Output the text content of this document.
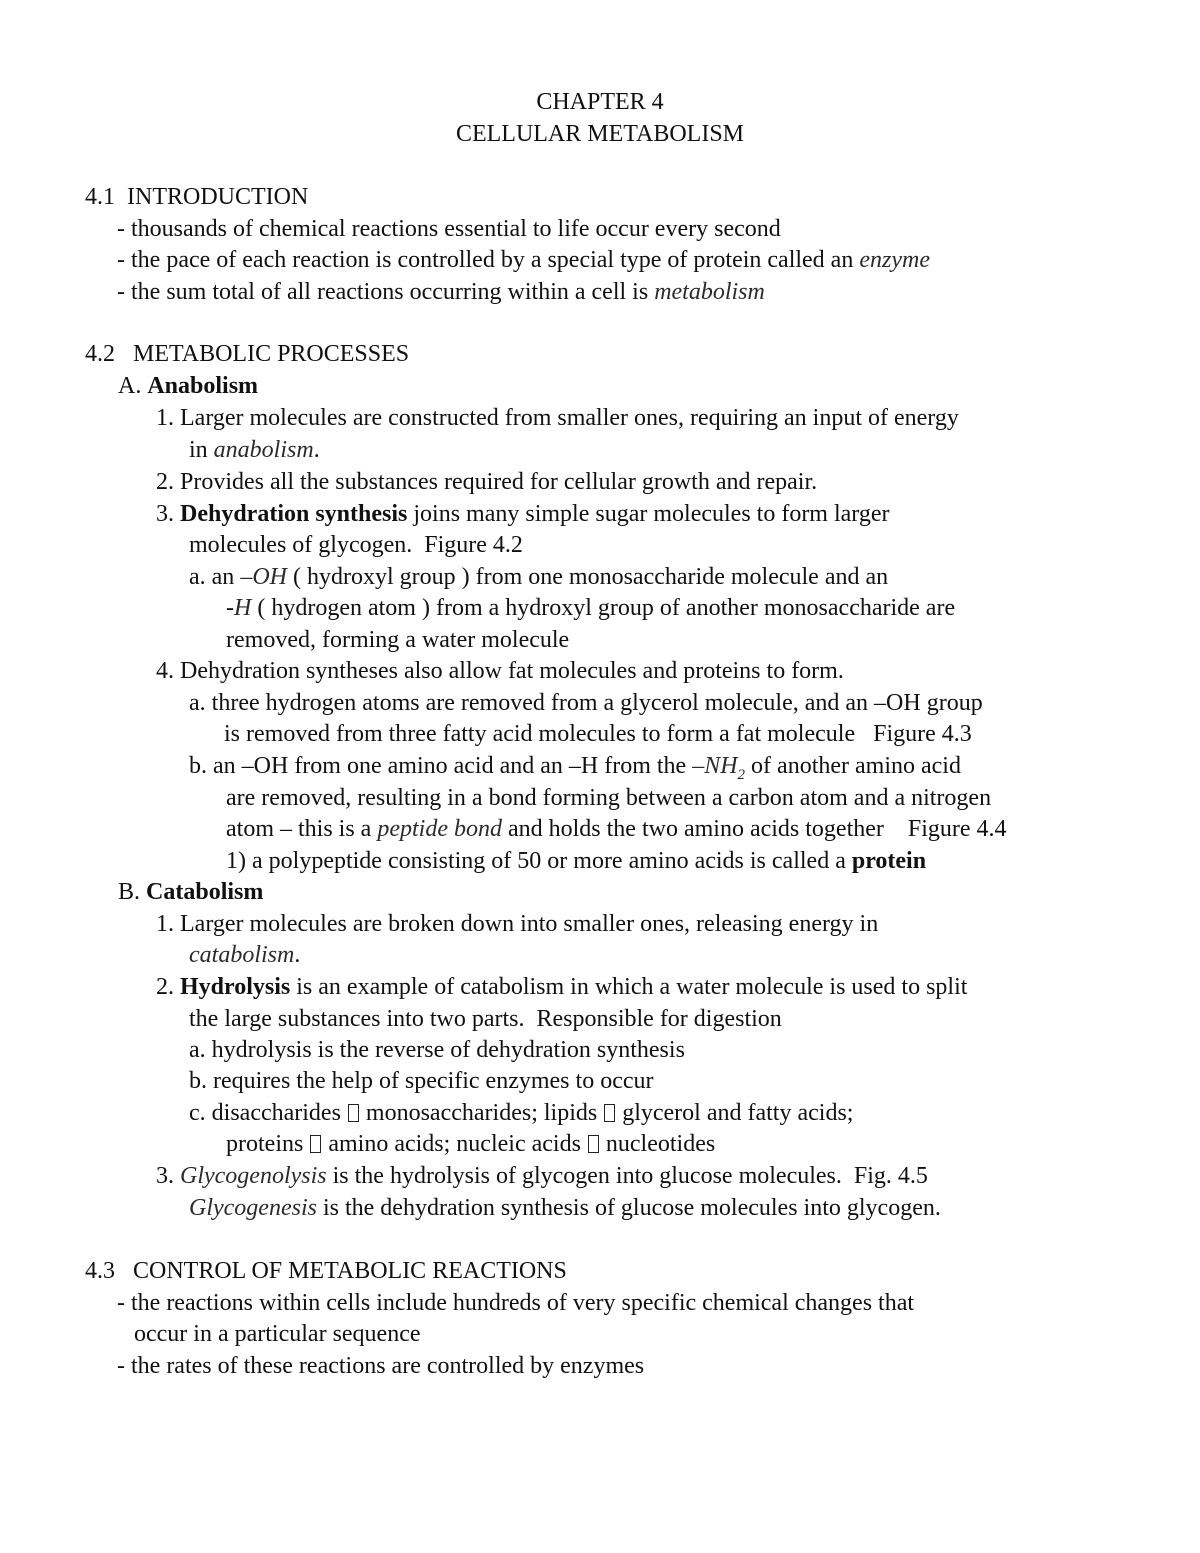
CHAPTER 4
CELLULAR METABOLISM
4.1  INTRODUCTION
- thousands of chemical reactions essential to life occur every second
- the pace of each reaction is controlled by a special type of protein called an enzyme
- the sum total of all reactions occurring within a cell is metabolism
4.2   METABOLIC PROCESSES
A. Anabolism
1. Larger molecules are constructed from smaller ones, requiring an input of energy
in anabolism.
2. Provides all the substances required for cellular growth and repair.
3. Dehydration synthesis joins many simple sugar molecules to form larger
molecules of glycogen.  Figure 4.2
a. an –OH ( hydroxyl group ) from one monosaccharide molecule and an
-H ( hydrogen atom ) from a hydroxyl group of another monosaccharide are
removed, forming a water molecule
4. Dehydration syntheses also allow fat molecules and proteins to form.
a. three hydrogen atoms are removed from a glycerol molecule, and an –OH group
is removed from three fatty acid molecules to form a fat molecule   Figure 4.3
b. an –OH from one amino acid and an –H from the $-NH_2$ of another amino acid
are removed, resulting in a bond forming between a carbon atom and a nitrogen
atom – this is a peptide bond and holds the two amino acids together    Figure 4.4
1) a polypeptide consisting of 50 or more amino acids is called a protein
B. Catabolism
1. Larger molecules are broken down into smaller ones, releasing energy in
catabolism.
2. Hydrolysis is an example of catabolism in which a water molecule is used to split
the large substances into two parts.  Responsible for digestion
a. hydrolysis is the reverse of dehydration synthesis
b. requires the help of specific enzymes to occur
c. disaccharides  monosaccharides; lipids  glycerol and fatty acids;
proteins  amino acids; nucleic acids  nucleotides
3. Glycogenolysis is the hydrolysis of glycogen into glucose molecules.  Fig. 4.5
Glycogenesis is the dehydration synthesis of glucose molecules into glycogen.
4.3   CONTROL OF METABOLIC REACTIONS
- the reactions within cells include hundreds of very specific chemical changes that
occur in a particular sequence
- the rates of these reactions are controlled by enzymes
